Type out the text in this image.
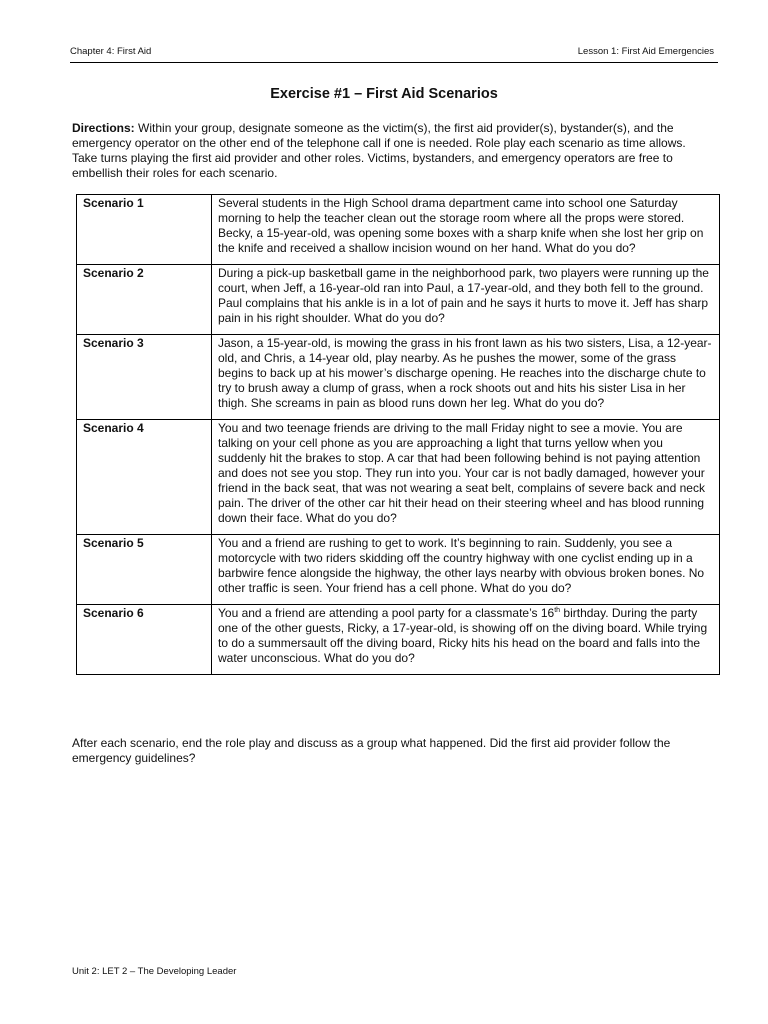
Chapter 4: First Aid	Lesson 1: First Aid Emergencies
Exercise #1 – First Aid Scenarios
Directions: Within your group, designate someone as the victim(s), the first aid provider(s), bystander(s), and the emergency operator on the other end of the telephone call if one is needed. Role play each scenario as time allows. Take turns playing the first aid provider and other roles. Victims, bystanders, and emergency operators are free to embellish their roles for each scenario.
Scenario 1	Several students in the High School drama department came into school one Saturday morning to help the teacher clean out the storage room where all the props were stored. Becky, a 15-year-old, was opening some boxes with a sharp knife when she lost her grip on the knife and received a shallow incision wound on her hand. What do you do?
Scenario 2	During a pick-up basketball game in the neighborhood park, two players were running up the court, when Jeff, a 16-year-old ran into Paul, a 17-year-old, and they both fell to the ground. Paul complains that his ankle is in a lot of pain and he says it hurts to move it. Jeff has sharp pain in his right shoulder. What do you do?
Scenario 3	Jason, a 15-year-old, is mowing the grass in his front lawn as his two sisters, Lisa, a 12-year-old, and Chris, a 14-year old, play nearby. As he pushes the mower, some of the grass begins to back up at his mower’s discharge opening. He reaches into the discharge chute to try to brush away a clump of grass, when a rock shoots out and hits his sister Lisa in her thigh. She screams in pain as blood runs down her leg. What do you do?
Scenario 4	You and two teenage friends are driving to the mall Friday night to see a movie. You are talking on your cell phone as you are approaching a light that turns yellow when you suddenly hit the brakes to stop. A car that had been following behind is not paying attention and does not see you stop. They run into you. Your car is not badly damaged, however your friend in the back seat, that was not wearing a seat belt, complains of severe back and neck pain. The driver of the other car hit their head on their steering wheel and has blood running down their face. What do you do?
Scenario 5	You and a friend are rushing to get to work. It’s beginning to rain. Suddenly, you see a motorcycle with two riders skidding off the country highway with one cyclist ending up in a barbwire fence alongside the highway, the other lays nearby with obvious broken bones. No other traffic is seen. Your friend has a cell phone. What do you do?
Scenario 6	You and a friend are attending a pool party for a classmate’s 16th birthday. During the party one of the other guests, Ricky, a 17-year-old, is showing off on the diving board. While trying to do a summersault off the diving board, Ricky hits his head on the board and falls into the water unconscious. What do you do?
After each scenario, end the role play and discuss as a group what happened. Did the first aid provider follow the emergency guidelines?
Unit 2: LET 2 – The Developing Leader
